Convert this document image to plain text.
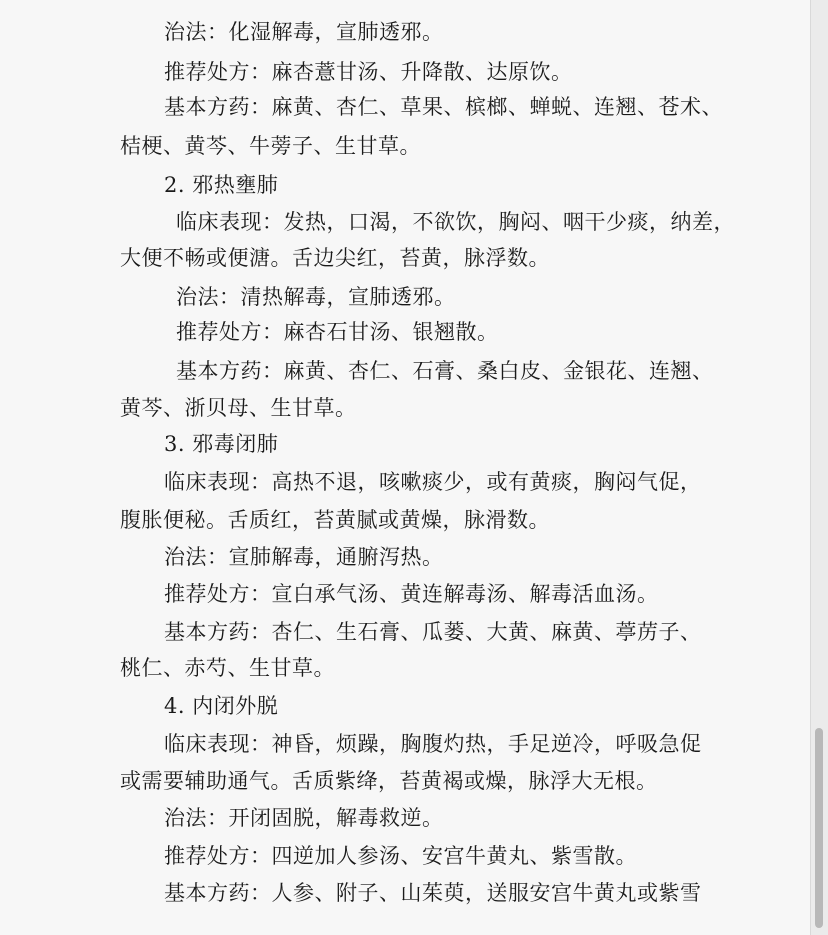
治法：化湿解毒，宣肺透邪。
推荐处方：麻杏薏甘汤、升降散、达原饮。
基本方药：麻黄、杏仁、草果、槟榔、蝉蜕、连翘、苍术、
桔梗、黄芩、牛蒡子、生甘草。
2. 邪热壅肺
临床表现：发热，口渴，不欲饮，胸闷、咽干少痰，纳差，
大便不畅或便溏。舌边尖红，苔黄，脉浮数。
治法：清热解毒，宣肺透邪。
推荐处方：麻杏石甘汤、银翘散。
基本方药：麻黄、杏仁、石膏、桑白皮、金银花、连翘、
黄芩、浙贝母、生甘草。
3. 邪毒闭肺
临床表现：高热不退，咳嗽痰少，或有黄痰，胸闷气促，
腹胀便秘。舌质红，苔黄腻或黄燥，脉滑数。
治法：宣肺解毒，通腑泻热。
推荐处方：宣白承气汤、黄连解毒汤、解毒活血汤。
基本方药：杏仁、生石膏、瓜蒌、大黄、麻黄、葶苈子、
桃仁、赤芍、生甘草。
4. 内闭外脱
临床表现：神昏，烦躁，胸腹灼热，手足逆冷，呼吸急促
或需要辅助通气。舌质紫绛，苔黄褐或燥，脉浮大无根。
治法：开闭固脱，解毒救逆。
推荐处方：四逆加人参汤、安宫牛黄丸、紫雪散。
基本方药：人参、附子、山茱萸，送服安宫牛黄丸或紫雪
